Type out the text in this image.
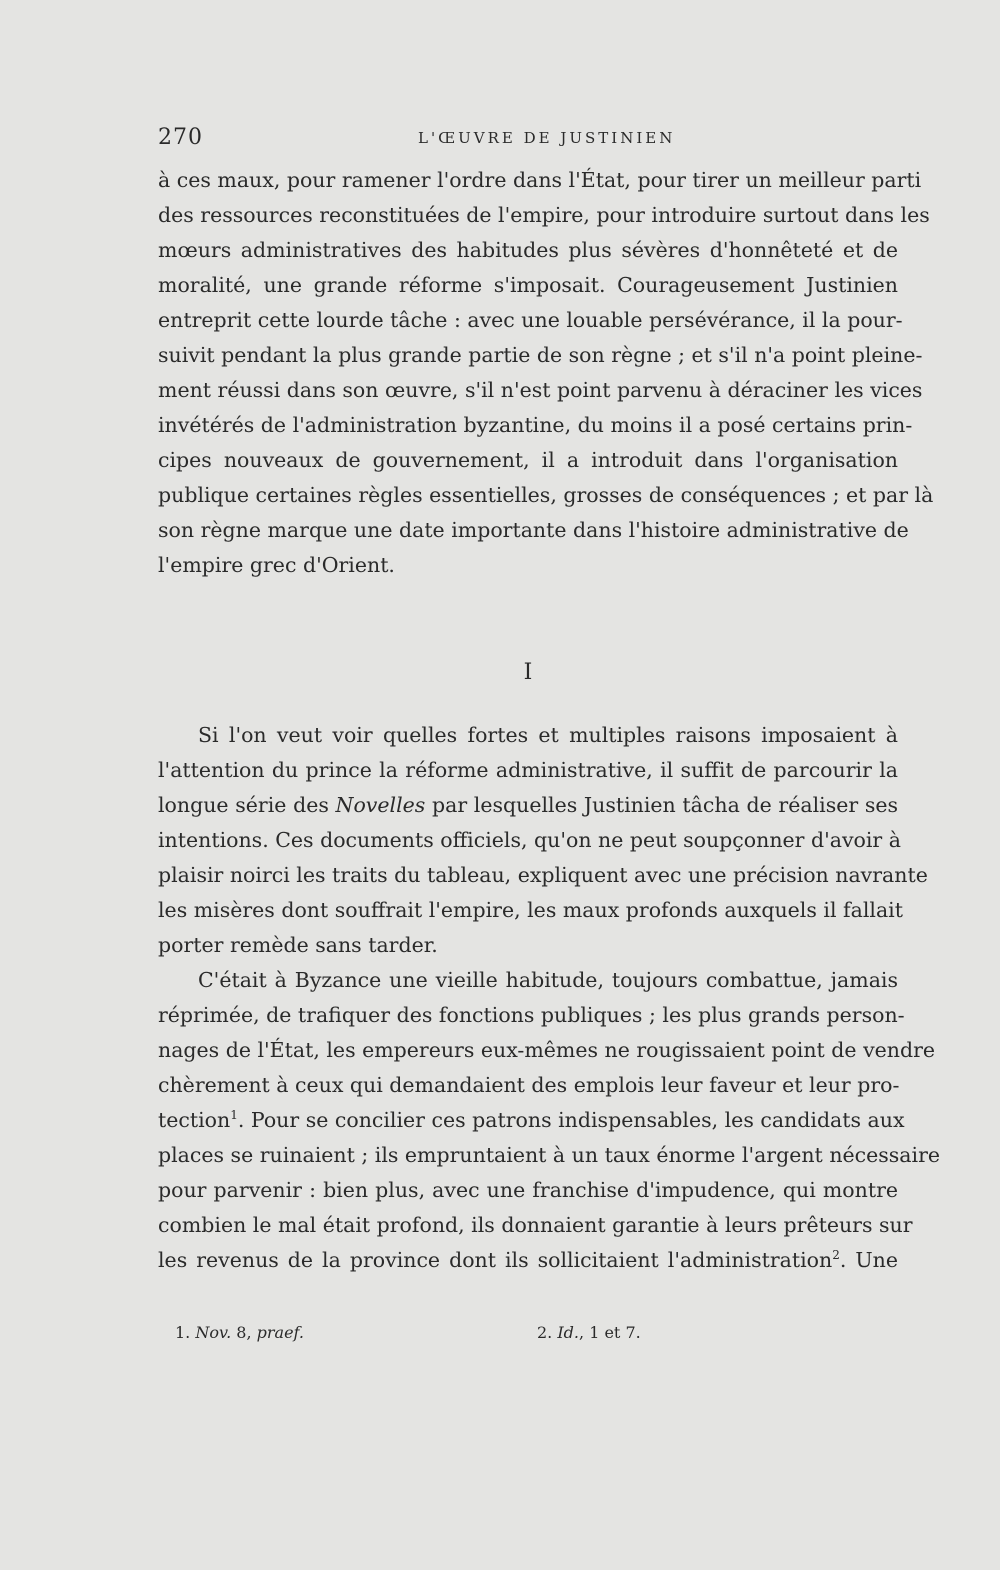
270	L'ŒUVRE DE JUSTINIEN
à ces maux, pour ramener l'ordre dans l'État, pour tirer un meilleur parti
des ressources reconstituées de l'empire, pour introduire surtout dans les
mœurs administratives des habitudes plus sévères d'honnêteté et de
moralité, une grande réforme s'imposait. Courageusement Justinien
entreprit cette lourde tâche : avec une louable persévérance, il la pour-
suivit pendant la plus grande partie de son règne ; et s'il n'a point pleine-
ment réussi dans son œuvre, s'il n'est point parvenu à déraciner les vices
invétérés de l'administration byzantine, du moins il a posé certains prin-
cipes nouveaux de gouvernement, il a introduit dans l'organisation
publique certaines règles essentielles, grosses de conséquences ; et par là
son règne marque une date importante dans l'histoire administrative de
l'empire grec d'Orient.
I
Si l'on veut voir quelles fortes et multiples raisons imposaient à
l'attention du prince la réforme administrative, il suffit de parcourir la
longue série des Novelles par lesquelles Justinien tâcha de réaliser ses
intentions. Ces documents officiels, qu'on ne peut soupçonner d'avoir à
plaisir noirci les traits du tableau, expliquent avec une précision navrante
les misères dont souffrait l'empire, les maux profonds auxquels il fallait
porter remède sans tarder.
C'était à Byzance une vieille habitude, toujours combattue, jamais
réprimée, de trafiquer des fonctions publiques ; les plus grands person-
nages de l'État, les empereurs eux-mêmes ne rougissaient point de vendre
chèrement à ceux qui demandaient des emplois leur faveur et leur pro-
tection$^1$. Pour se concilier ces patrons indispensables, les candidats aux
places se ruinaient ; ils empruntaient à un taux énorme l'argent nécessaire
pour parvenir : bien plus, avec une franchise d'impudence, qui montre
combien le mal était profond, ils donnaient garantie à leurs prêteurs sur
les revenus de la province dont ils sollicitaient l'administration$^2$. Une
1. Nov. 8, praef.	2. Id., 1 et 7.
